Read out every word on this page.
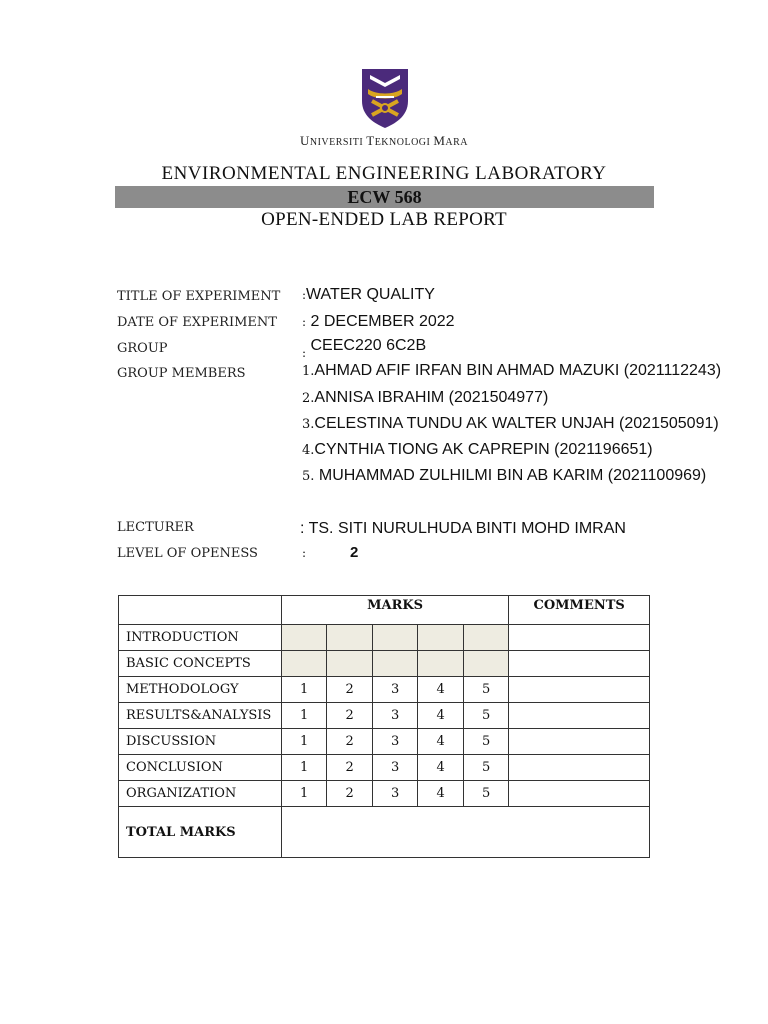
UNIVERSITI TEKNOLOGI MARA
ENVIRONMENTAL ENGINEERING LABORATORY
ECW 568
OPEN-ENDED LAB REPORT
TITLE OF EXPERIMENT :WATER QUALITY
DATE OF EXPERIMENT : 2 DECEMBER 2022
GROUP	$_:$ CEEC220 6C2B
GROUP MEMBERS	1.AHMAD AFIF IRFAN BIN AHMAD MAZUKI (2021112243)
2.ANNISA IBRAHIM (2021504977)
3.CELESTINA TUNDU AK WALTER UNJAH (2021505091)
4.CYNTHIA TIONG AK CAPREPIN (2021196651)
5. MUHAMMAD ZULHILMI BIN AB KARIM (2021100969)
LECTURER	: TS. SITI NURULHUDA BINTI MOHD IMRAN
LEVEL OF OPENESS	:	2
	MARKS					COMMENTS
INTRODUCTION						
BASIC CONCEPTS						
METHODOLOGY	1	2	3	4	5	
RESULTS&ANALYSIS	1	2	3	4	5	
DISCUSSION	1	2	3	4	5	
CONCLUSION	1	2	3	4	5	
ORGANIZATION	1	2	3	4	5	
TOTAL MARKS						
